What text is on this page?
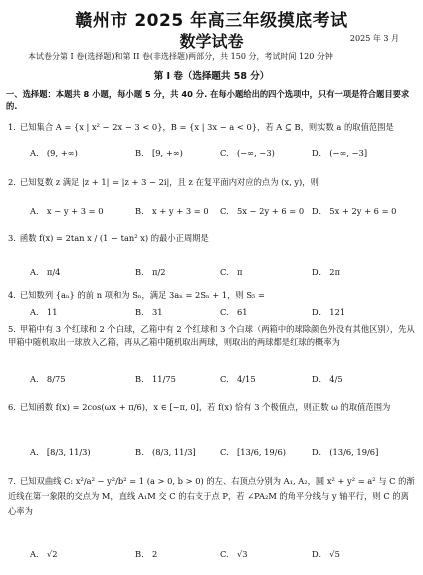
赣州市 2025 年高三年级摸底考试
数学试卷	2025 年 3 月
本试卷分第 I 卷(选择题)和第 II 卷(非选择题)两部分，共 150 分，考试时间 120 分钟
第 I 卷（选择题共 58 分）
一、选择题：本题共 8 小题，每小题 5 分，共 40 分. 在每小题给出的四个选项中，只有一项是符合题目要求的.
1. 已知集合 A = {x | x² − 2x − 3 < 0}，B = {x | 3x − a < 0}，若 A ⊆ B，则实数 a 的取值范围是
A.　(9, +∞)	B.　[9, +∞)	C.　(−∞, −3)	D.　(−∞, −3]
2. 已知复数 z 满足 |z + 1| = |z + 3 − 2i|，且 z 在复平面内对应的点为 (x, y)，则
A.　x − y + 3 = 0	B.　x + y + 3 = 0 C.　5x − 2y + 6 = 0 D.　5x + 2y + 6 = 0
3. 函数 f(x) = 2tan x / (1 − tan² x) 的最小正周期是
A.　π/4	B.　π/2	C.　π	D.　2π
4. 已知数列 {aₙ} 的前 n 项和为 Sₙ，满足 3aₙ = 2Sₙ + 1，则 S₅ =
A.　11	B.　31	C.　61	D.　121
5. 甲箱中有 3 个红球和 2 个白球，乙箱中有 2 个红球和 3 个白球（两箱中的球除颜色外没有其他区别），先从甲箱中随机取出一球放入乙箱，再从乙箱中随机取出两球，则取出的两球都是红球的概率为
A.　8/75	B.　11/75	C.　4/15	D.　4/5
6. 已知函数 f(x) = 2cos(ωx + π/6)，x ∈ [−π, 0]，若 f(x) 恰有 3 个极值点，则正数 ω 的取值范围为
A.　[8/3, 11/3)	B.　(8/3, 11/3]	C.　[13/6, 19/6)	D.　(13/6, 19/6]
7. 已知双曲线 C: x²/a² − y²/b² = 1 (a > 0, b > 0) 的左、右顶点分别为 A₁, A₂，圆 x² + y² = a² 与 C 的渐近线在第一象限的交点为 M，直线 A₁M 交 C 的右支于点 P，若 ∠PA₂M 的角平分线与 y 轴平行，则 C 的离心率为
A.　√2	B.　2	C.　√3	D.　√5
